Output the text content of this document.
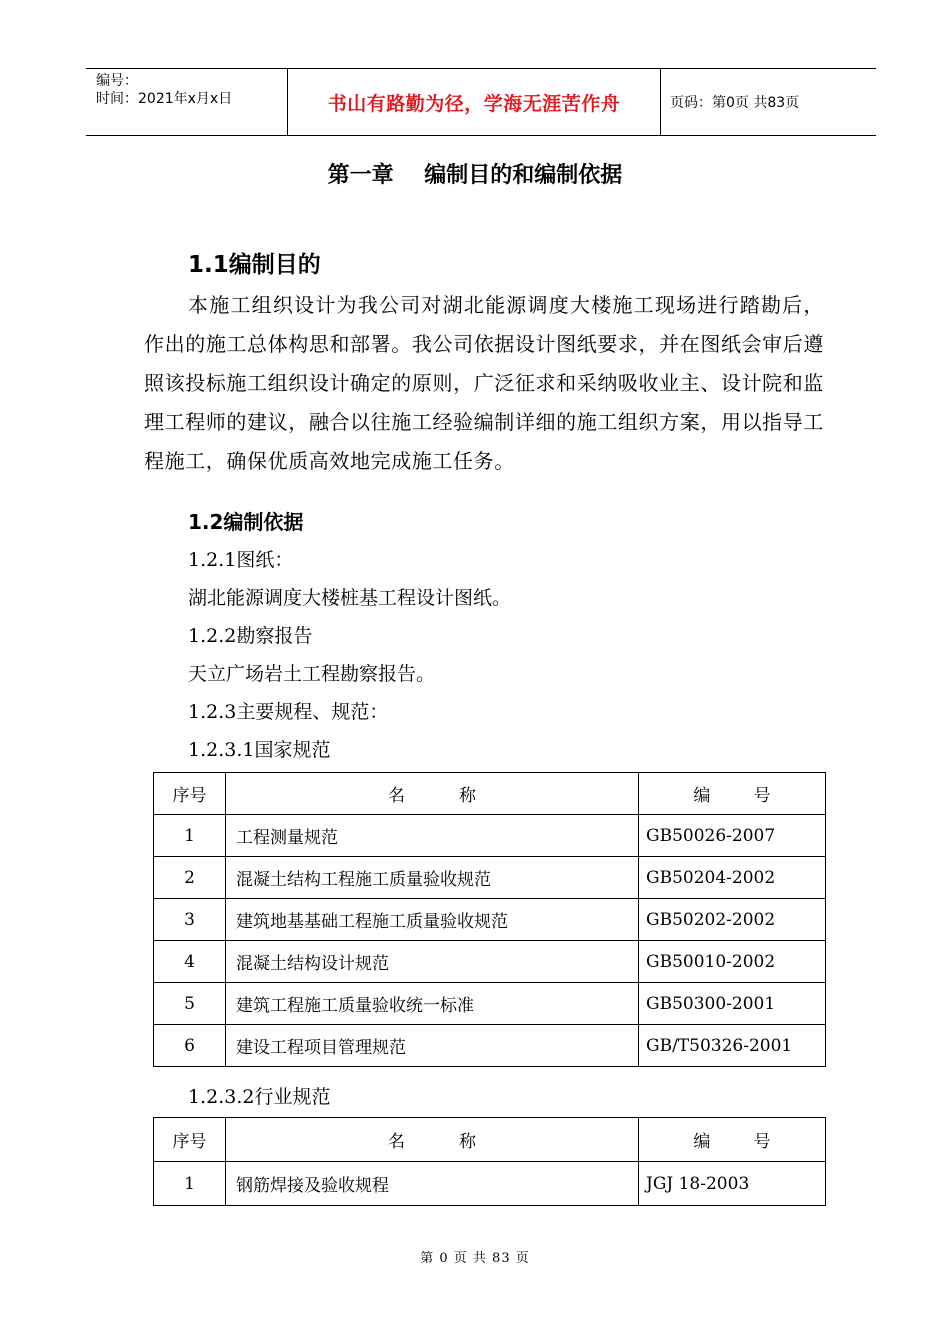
编号：
时间：2021年x月x日	书山有路勤为径，学海无涯苦作舟	页码：第0页 共83页
第一章    编制目的和编制依据
1.1编制目的
本施工组织设计为我公司对湖北能源调度大楼施工现场进行踏勘后，作出的施工总体构思和部署。我公司依据设计图纸要求，并在图纸会审后遵照该投标施工组织设计确定的原则，广泛征求和采纳吸收业主、设计院和监理工程师的建议，融合以往施工经验编制详细的施工组织方案，用以指导工程施工，确保优质高效地完成施工任务。
1.2编制依据
1.2.1图纸：
湖北能源调度大楼桩基工程设计图纸。
1.2.2勘察报告
天立广场岩土工程勘察报告。
1.2.3主要规程、规范：
1.2.3.1国家规范
序号	名          称	编        号
1	工程测量规范	GB50026-2007
2	混凝土结构工程施工质量验收规范	GB50204-2002
3	建筑地基基础工程施工质量验收规范	GB50202-2002
4	混凝土结构设计规范	GB50010-2002
5	建筑工程施工质量验收统一标准	GB50300-2001
6	建设工程项目管理规范	GB/T50326-2001
1.2.3.2行业规范
序号	名          称	编        号
1	钢筋焊接及验收规程	JGJ 18-2003
第 0 页 共 83 页
